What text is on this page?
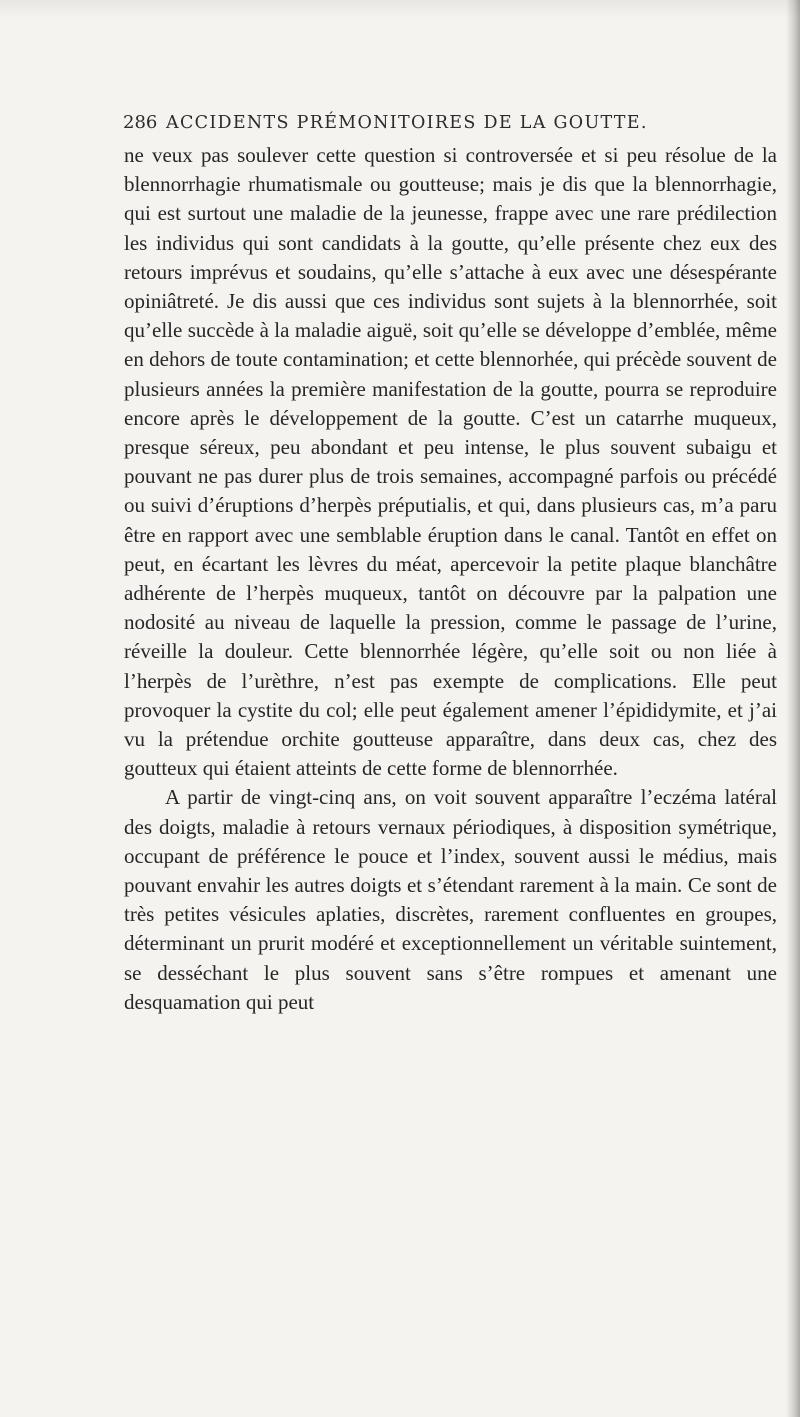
286 ACCIDENTS PRÉMONITOIRES DE LA GOUTTE.

ne veux pas soulever cette question si controversée et si peu résolue de la blennorrhagie rhumatismale ou goutteuse; mais je dis que la blennorrhagie, qui est surtout une maladie de la jeunesse, frappe avec une rare prédilection les individus qui sont candidats à la goutte, qu’elle présente chez eux des retours imprévus et soudains, qu’elle s’attache à eux avec une désespérante opiniâtreté. Je dis aussi que ces individus sont sujets à la blennorrhée, soit qu’elle succède à la maladie aiguë, soit qu’elle se développe d’emblée, même en dehors de toute contamination; et cette blennorhée, qui précède souvent de plusieurs années la première manifestation de la goutte, pourra se reproduire encore après le développement de la goutte. C’est un catarrhe muqueux, presque séreux, peu abondant et peu intense, le plus souvent subaigu et pouvant ne pas durer plus de trois semaines, accompagné parfois ou précédé ou suivi d’éruptions d’herpès préputialis, et qui, dans plusieurs cas, m’a paru être en rapport avec une semblable éruption dans le canal. Tantôt en effet on peut, en écartant les lèvres du méat, apercevoir la petite plaque blanchâtre adhérente de l’herpès muqueux, tantôt on découvre par la palpation une nodosité au niveau de laquelle la pression, comme le passage de l’urine, réveille la douleur. Cette blennorrhée légère, qu’elle soit ou non liée à l’herpès de l’urèthre, n’est pas exempte de complications. Elle peut provoquer la cystite du col; elle peut également amener l’épididymite, et j’ai vu la prétendue orchite goutteuse apparaître, dans deux cas, chez des goutteux qui étaient atteints de cette forme de blennorrhée.

A partir de vingt-cinq ans, on voit souvent apparaître l’eczéma latéral des doigts, maladie à retours vernaux périodiques, à disposition symétrique, occupant de préférence le pouce et l’index, souvent aussi le médius, mais pouvant envahir les autres doigts et s’étendant rarement à la main. Ce sont de très petites vésicules aplaties, discrètes, rarement confluentes en groupes, déterminant un prurit modéré et exceptionnellement un véritable suintement, se desséchant le plus souvent sans s’être rompues et amenant une desquamation qui peut
